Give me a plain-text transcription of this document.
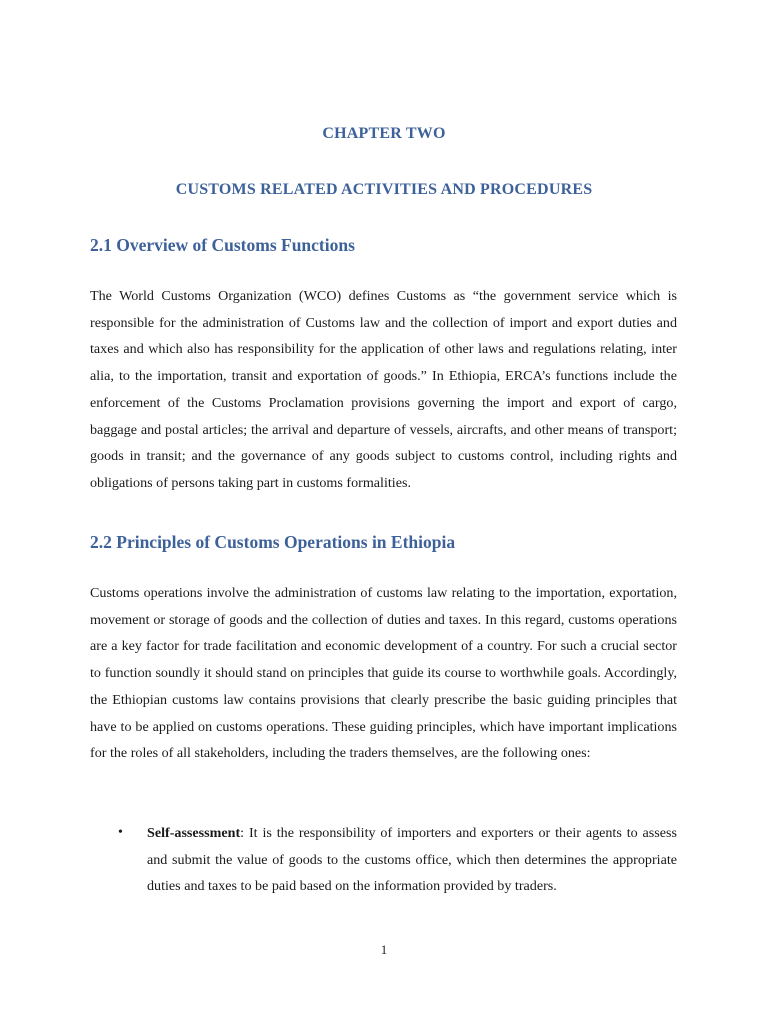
CHAPTER TWO
CUSTOMS RELATED ACTIVITIES AND PROCEDURES
2.1 Overview of Customs Functions

The World Customs Organization (WCO) defines Customs as “the government service which is responsible for the administration of Customs law and the collection of import and export duties and taxes and which also has responsibility for the application of other laws and regulations relating, inter alia, to the importation, transit and exportation of goods.” In Ethiopia, ERCA’s functions include the enforcement of the Customs Proclamation provisions governing the import and export of cargo, baggage and postal articles; the arrival and departure of vessels, aircrafts, and other means of transport; goods in transit; and the governance of any goods subject to customs control, including rights and obligations of persons taking part in customs formalities.

2.2 Principles of Customs Operations in Ethiopia

Customs operations involve the administration of customs law relating to the importation, exportation, movement or storage of goods and the collection of duties and taxes. In this regard, customs operations are a key factor for trade facilitation and economic development of a country. For such a crucial sector to function soundly it should stand on principles that guide its course to worthwhile goals. Accordingly, the Ethiopian customs law contains provisions that clearly prescribe the basic guiding principles that have to be applied on customs operations. These guiding principles, which have important implications for the roles of all stakeholders, including the traders themselves, are the following ones:

• Self-assessment: It is the responsibility of importers and exporters or their agents to assess and submit the value of goods to the customs office, which then determines the appropriate duties and taxes to be paid based on the information provided by traders.

1
